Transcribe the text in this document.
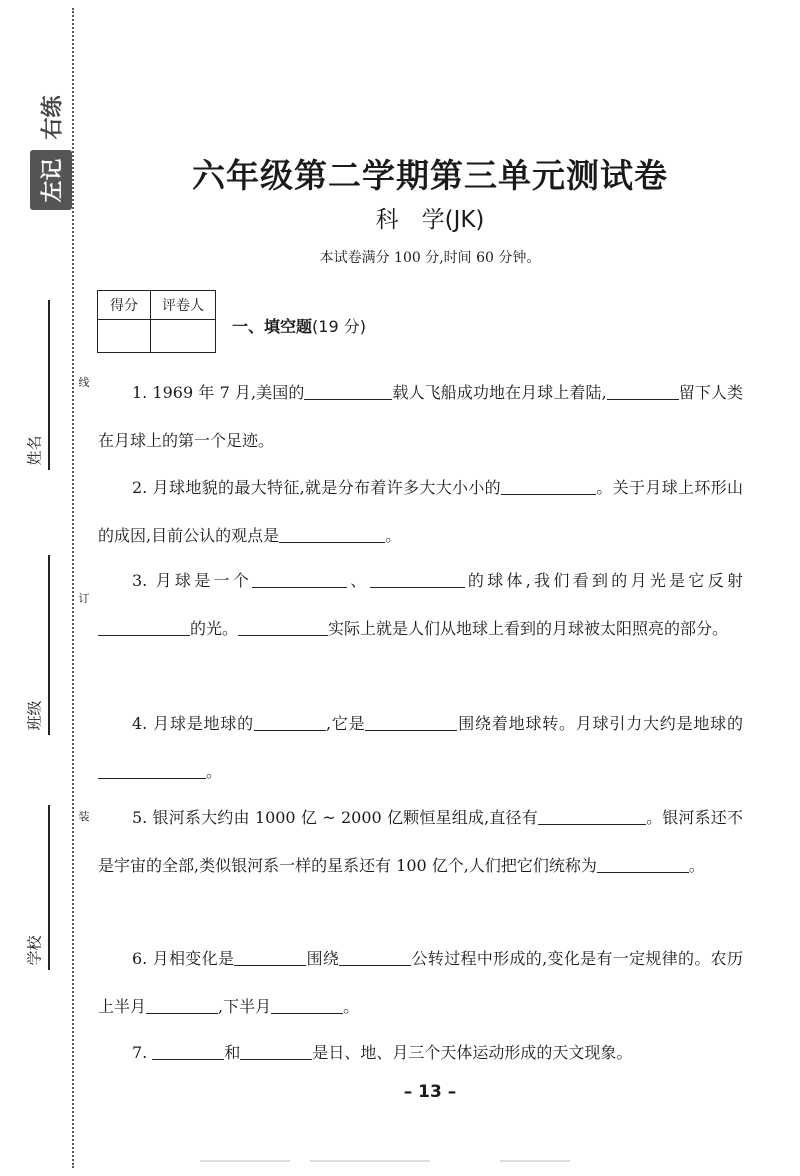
右练
左记
姓名
班级
学校
线
订
装
六年级第二学期第三单元测试卷
科　学(JK)
本试卷满分 100 分,时间 60 分钟。
得分	评卷人

一、填空题(19 分)
1. 1969 年 7 月,美国的	载人飞船成功地在月球上着陆,	留下人类在月球上的第一个足迹。
2. 月球地貌的最大特征,就是分布着许多大大小小的	。关于月球上环形山的成因,目前公认的观点是	。
3. 月球是一个	、	的球体,我们看到的月光是它反射的光。	实际上就是人们从地球上看到的月球被太阳照亮的部分。
4. 月球是地球的	,它是	围绕着地球转。月球引力大约是地球的。
5. 银河系大约由 1000 亿 ~ 2000 亿颗恒星组成,直径有	。银河系还不是宇宙的全部,类似银河系一样的星系还有 100 亿个,人们把它们统称为	。
6. 月相变化是	围绕	公转过程中形成的,变化是有一定规律的。农历上半月	,下半月	。
7.	和	是日、地、月三个天体运动形成的天文现象。
– 13 –
